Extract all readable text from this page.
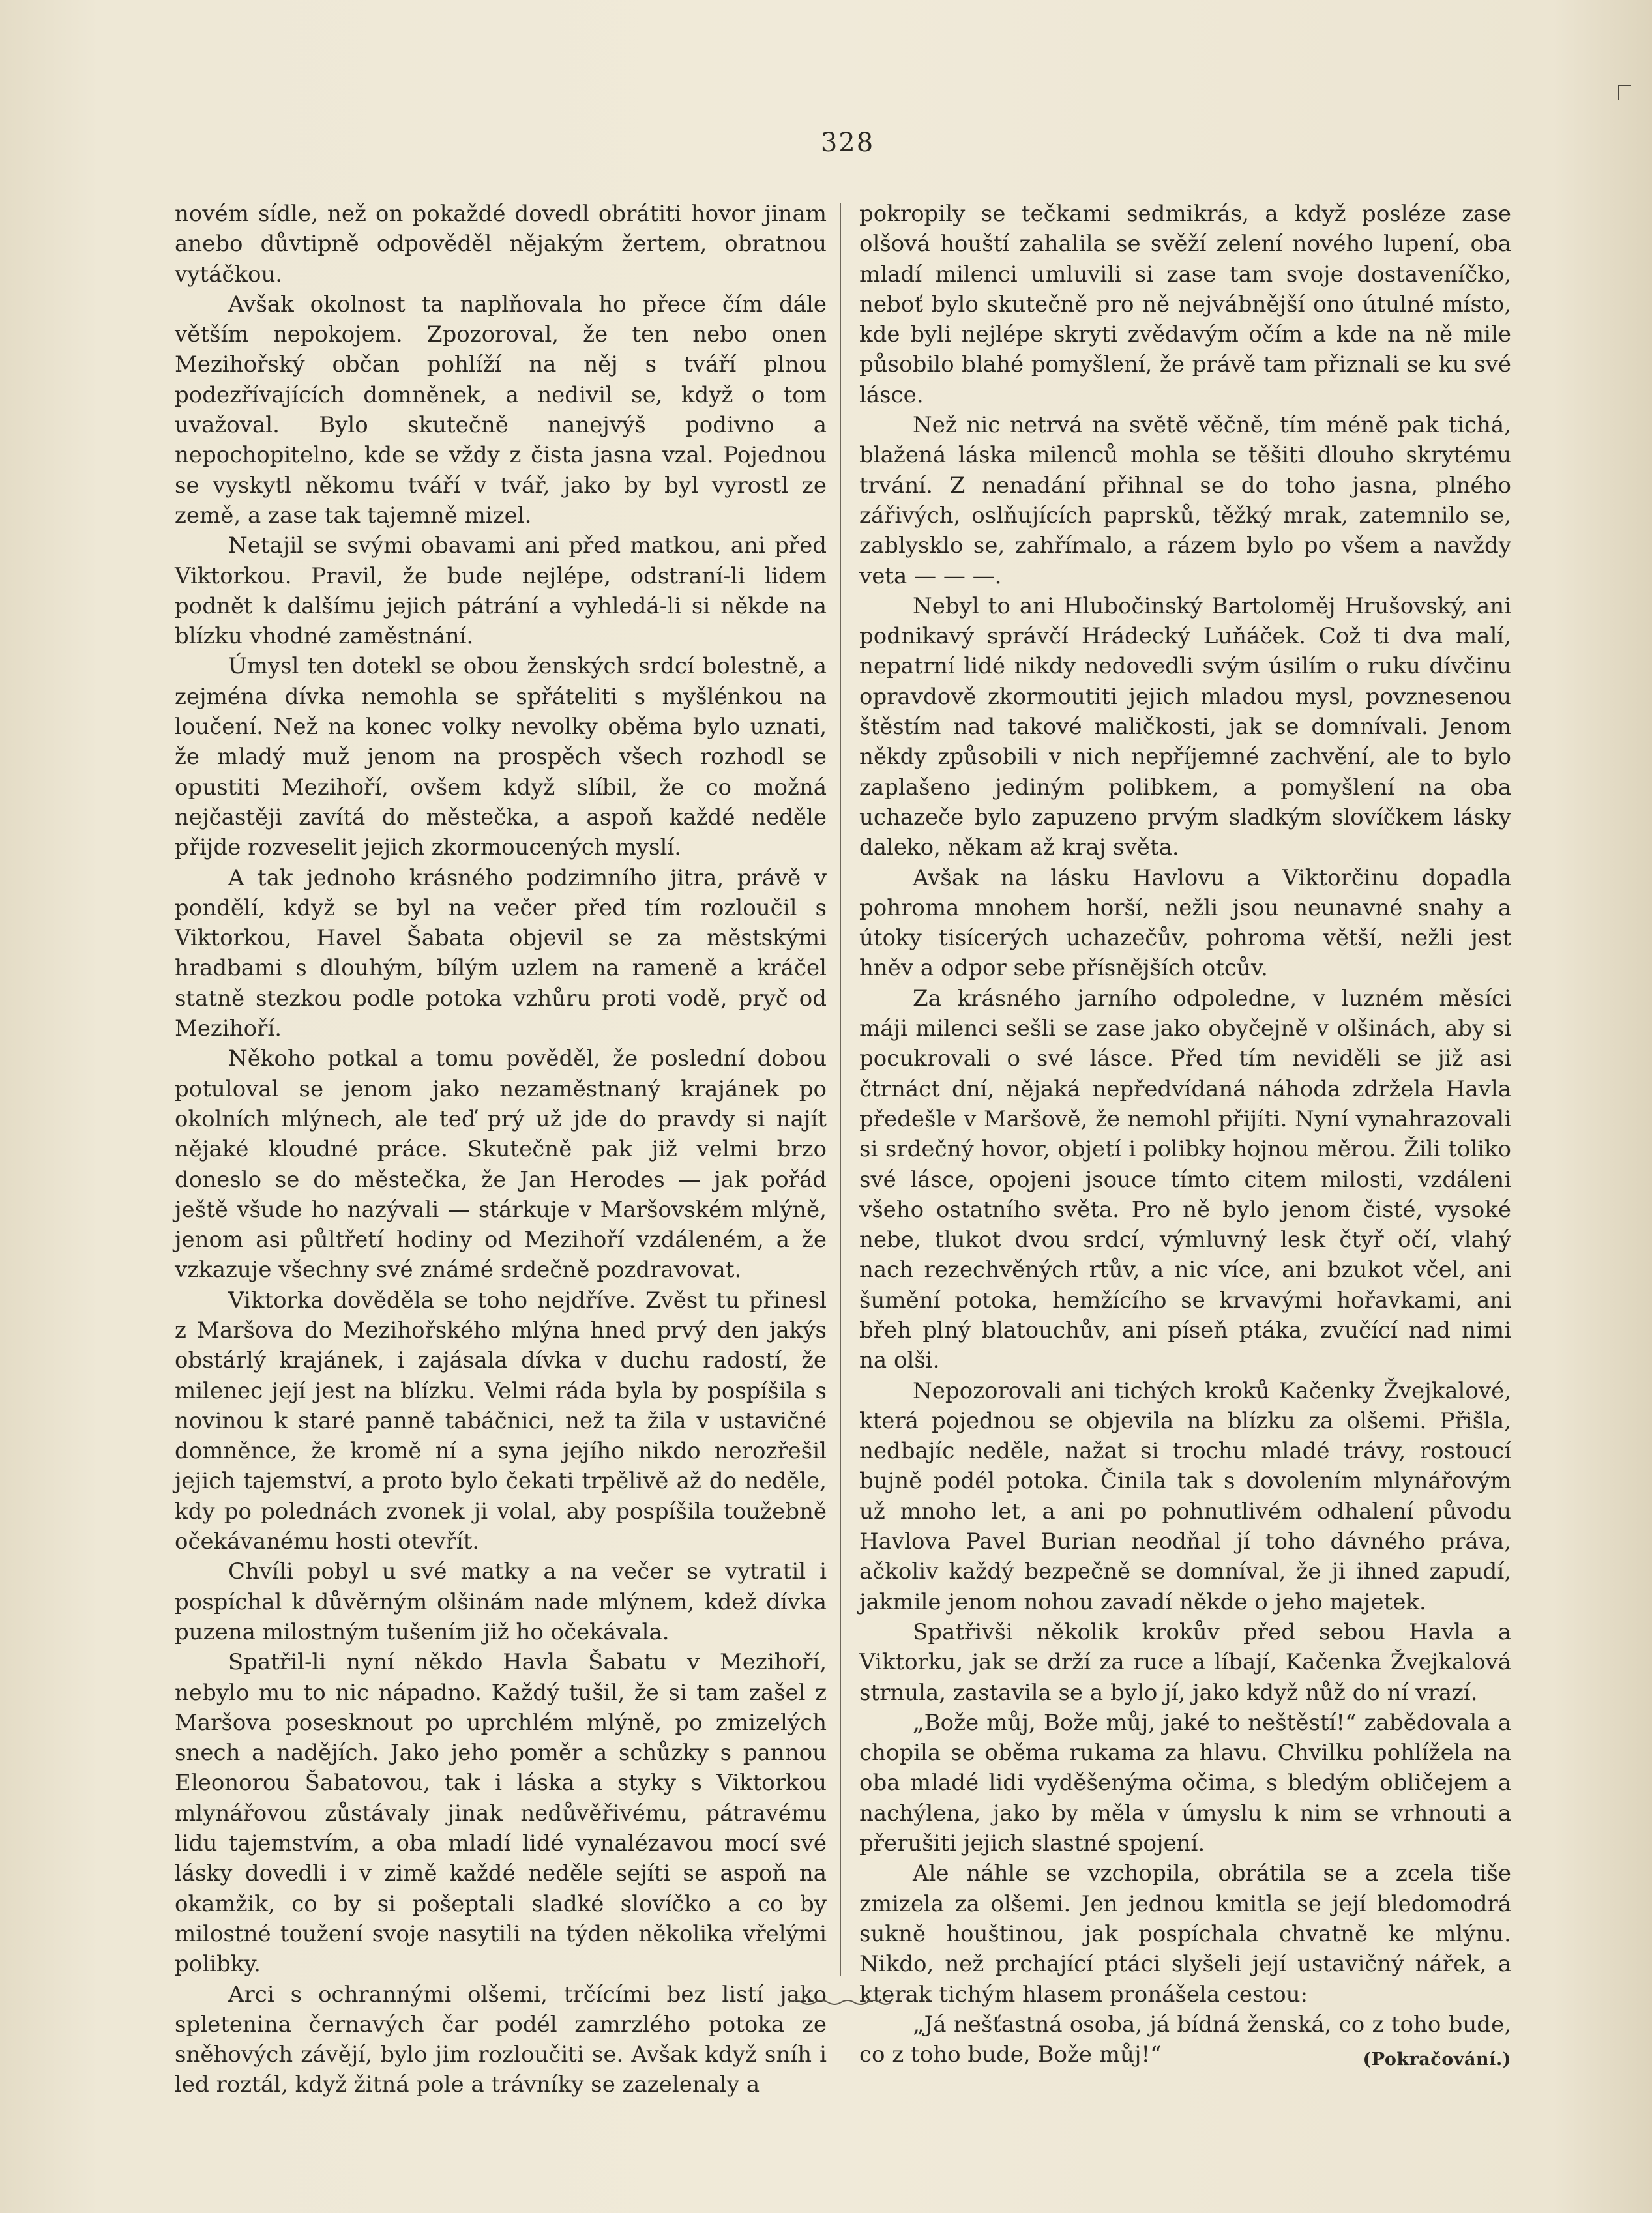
328

novém sídle, než on pokaždé dovedl obrátiti hovor jinam anebo důvtipně odpověděl nějakým žertem, obratnou vytáčkou.

Avšak okolnost ta naplňovala ho přece čím dále větším nepokojem. Zpozoroval, že ten nebo onen Mezihořský občan pohlíží na něj s tváří plnou podezřívajících domněnek, a nedivil se, když o tom uvažoval. Bylo skutečně nanejvýš podivno a nepochopitelno, kde se vždy z čista jasna vzal. Pojednou se vyskytl někomu tváří v tvář, jako by byl vyrostl ze země, a zase tak tajemně mizel.

Netajil se svými obavami ani před matkou, ani před Viktorkou. Pravil, že bude nejlépe, odstraní-li lidem podnět k dalšímu jejich pátrání a vyhledá-li si někde na blízku vhodné zaměstnání.

Úmysl ten dotekl se obou ženských srdcí bolestně, a zejména dívka nemohla se spřáteliti s myšlénkou na loučení. Než na konec volky nevolky oběma bylo uznati, že mladý muž jenom na prospěch všech rozhodl se opustiti Mezihoří, ovšem když slíbil, že co možná nejčastěji zavítá do městečka, a aspoň každé neděle přijde rozveselit jejich zkormoucených myslí.

A tak jednoho krásného podzimního jitra, právě v pondělí, když se byl na večer před tím rozloučil s Viktorkou, Havel Šabata objevil se za městskými hradbami s dlouhým, bílým uzlem na rameně a kráčel statně stezkou podle potoka vzhůru proti vodě, pryč od Mezihoří.

Někoho potkal a tomu pověděl, že poslední dobou potuloval se jenom jako nezaměstnaný krajánek po okolních mlýnech, ale teď prý už jde do pravdy si najít nějaké kloudné práce. Skutečně pak již velmi brzo doneslo se do městečka, že Jan Herodes — jak pořád ještě všude ho nazývali — stárkuje v Maršovském mlýně, jenom asi půltřetí hodiny od Mezihoří vzdáleném, a že vzkazuje všechny své známé srdečně pozdravovat.

Viktorka dověděla se toho nejdříve. Zvěst tu přinesl z Maršova do Mezihořského mlýna hned prvý den jakýs obstárlý krajánek, i zajásala dívka v duchu radostí, že milenec její jest na blízku. Velmi ráda byla by pospíšila s novinou k staré panně tabáčnici, než ta žila v ustavičné domněnce, že kromě ní a syna jejího nikdo nerozřešil jejich tajemství, a proto bylo čekati trpělivě až do neděle, kdy po polednách zvonek ji volal, aby pospíšila toužebně očekávanému hosti otevřít.

Chvíli pobyl u své matky a na večer se vytratil i pospíchal k důvěrným olšinám nade mlýnem, kdež dívka puzena milostným tušením již ho očekávala.

Spatřil-li nyní někdo Havla Šabatu v Mezihoří, nebylo mu to nic nápadno. Každý tušil, že si tam zašel z Maršova posesknout po uprchlém mlýně, po zmizelých snech a nadějích. Jako jeho poměr a schůzky s pannou Eleonorou Šabatovou, tak i láska a styky s Viktorkou mlynářovou zůstávaly jinak nedůvěřivému, pátravému lidu tajemstvím, a oba mladí lidé vynalézavou mocí své lásky dovedli i v zimě každé neděle sejíti se aspoň na okamžik, co by si pošeptali sladké slovíčko a co by milostné toužení svoje nasytili na týden několika vřelými polibky.

Arci s ochrannými olšemi, trčícími bez listí jako spletenina černavých čar podél zamrzlého potoka ze sněhových závějí, bylo jim rozloučiti se. Avšak když sníh i led roztál, když žitná pole a trávníky se zazelenaly a

pokropily se tečkami sedmikrás, a když posléze zase olšová houští zahalila se svěží zelení nového lupení, oba mladí milenci umluvili si zase tam svoje dostaveníčko, neboť bylo skutečně pro ně nejvábnější ono útulné místo, kde byli nejlépe skryti zvědavým očím a kde na ně mile působilo blahé pomyšlení, že právě tam přiznali se ku své lásce.

Než nic netrvá na světě věčně, tím méně pak tichá, blažená láska milenců mohla se těšiti dlouho skrytému trvání. Z nenadání přihnal se do toho jasna, plného zářivých, oslňujících paprsků, těžký mrak, zatemnilo se, zablysklo se, zahřímalo, a rázem bylo po všem a navždy veta — — —.

Nebyl to ani Hlubočinský Bartoloměj Hrušovský, ani podnikavý správčí Hrádecký Luňáček. Což ti dva malí, nepatrní lidé nikdy nedovedli svým úsilím o ruku dívčinu opravdově zkormoutiti jejich mladou mysl, povznesenou štěstím nad takové maličkosti, jak se domnívali. Jenom někdy způsobili v nich nepříjemné zachvění, ale to bylo zaplašeno jediným polibkem, a pomyšlení na oba uchazeče bylo zapuzeno prvým sladkým slovíčkem lásky daleko, někam až kraj světa.

Avšak na lásku Havlovu a Viktorčinu dopadla pohroma mnohem horší, nežli jsou neunavné snahy a útoky tisícerých uchazečův, pohroma větší, nežli jest hněv a odpor sebe přísnějších otcův.

Za krásného jarního odpoledne, v luzném měsíci máji milenci sešli se zase jako obyčejně v olšinách, aby si pocukrovali o své lásce. Před tím neviděli se již asi čtrnáct dní, nějaká nepředvídaná náhoda zdržela Havla předešle v Maršově, že nemohl přijíti. Nyní vynahrazovali si srdečný hovor, objetí i polibky hojnou měrou. Žili toliko své lásce, opojeni jsouce tímto citem milosti, vzdáleni všeho ostatního světa. Pro ně bylo jenom čisté, vysoké nebe, tlukot dvou srdcí, výmluvný lesk čtyř očí, vlahý nach rezechvěných rtův, a nic více, ani bzukot včel, ani šumění potoka, hemžícího se krvavými hořavkami, ani břeh plný blatouchův, ani píseň ptáka, zvučící nad nimi na olši.

Nepozorovali ani tichých kroků Kačenky Žvejkalové, která pojednou se objevila na blízku za olšemi. Přišla, nedbajíc neděle, nažat si trochu mladé trávy, rostoucí bujně podél potoka. Činila tak s dovolením mlynářovým už mnoho let, a ani po pohnutlivém odhalení původu Havlova Pavel Burian neodňal jí toho dávného práva, ačkoliv každý bezpečně se domníval, že ji ihned zapudí, jakmile jenom nohou zavadí někde o jeho majetek.

Spatřivši několik krokův před sebou Havla a Viktorku, jak se drží za ruce a líbají, Kačenka Žvejkalová strnula, zastavila se a bylo jí, jako když nůž do ní vrazí.

„Bože můj, Bože můj, jaké to neštěstí!“ zabědovala a chopila se oběma rukama za hlavu. Chvilku pohlížela na oba mladé lidi vyděšenýma očima, s bledým obličejem a nachýlena, jako by měla v úmyslu k nim se vrhnouti a přerušiti jejich slastné spojení.

Ale náhle se vzchopila, obrátila se a zcela tiše zmizela za olšemi. Jen jednou kmitla se její bledomodrá sukně houštinou, jak pospíchala chvatně ke mlýnu. Nikdo, než prchající ptáci slyšeli její ustavičný nářek, a kterak tichým hlasem pronášela cestou:

„Já nešťastná osoba, já bídná ženská, co z toho bude, co z toho bude, Bože můj!“	(Pokračování.)
